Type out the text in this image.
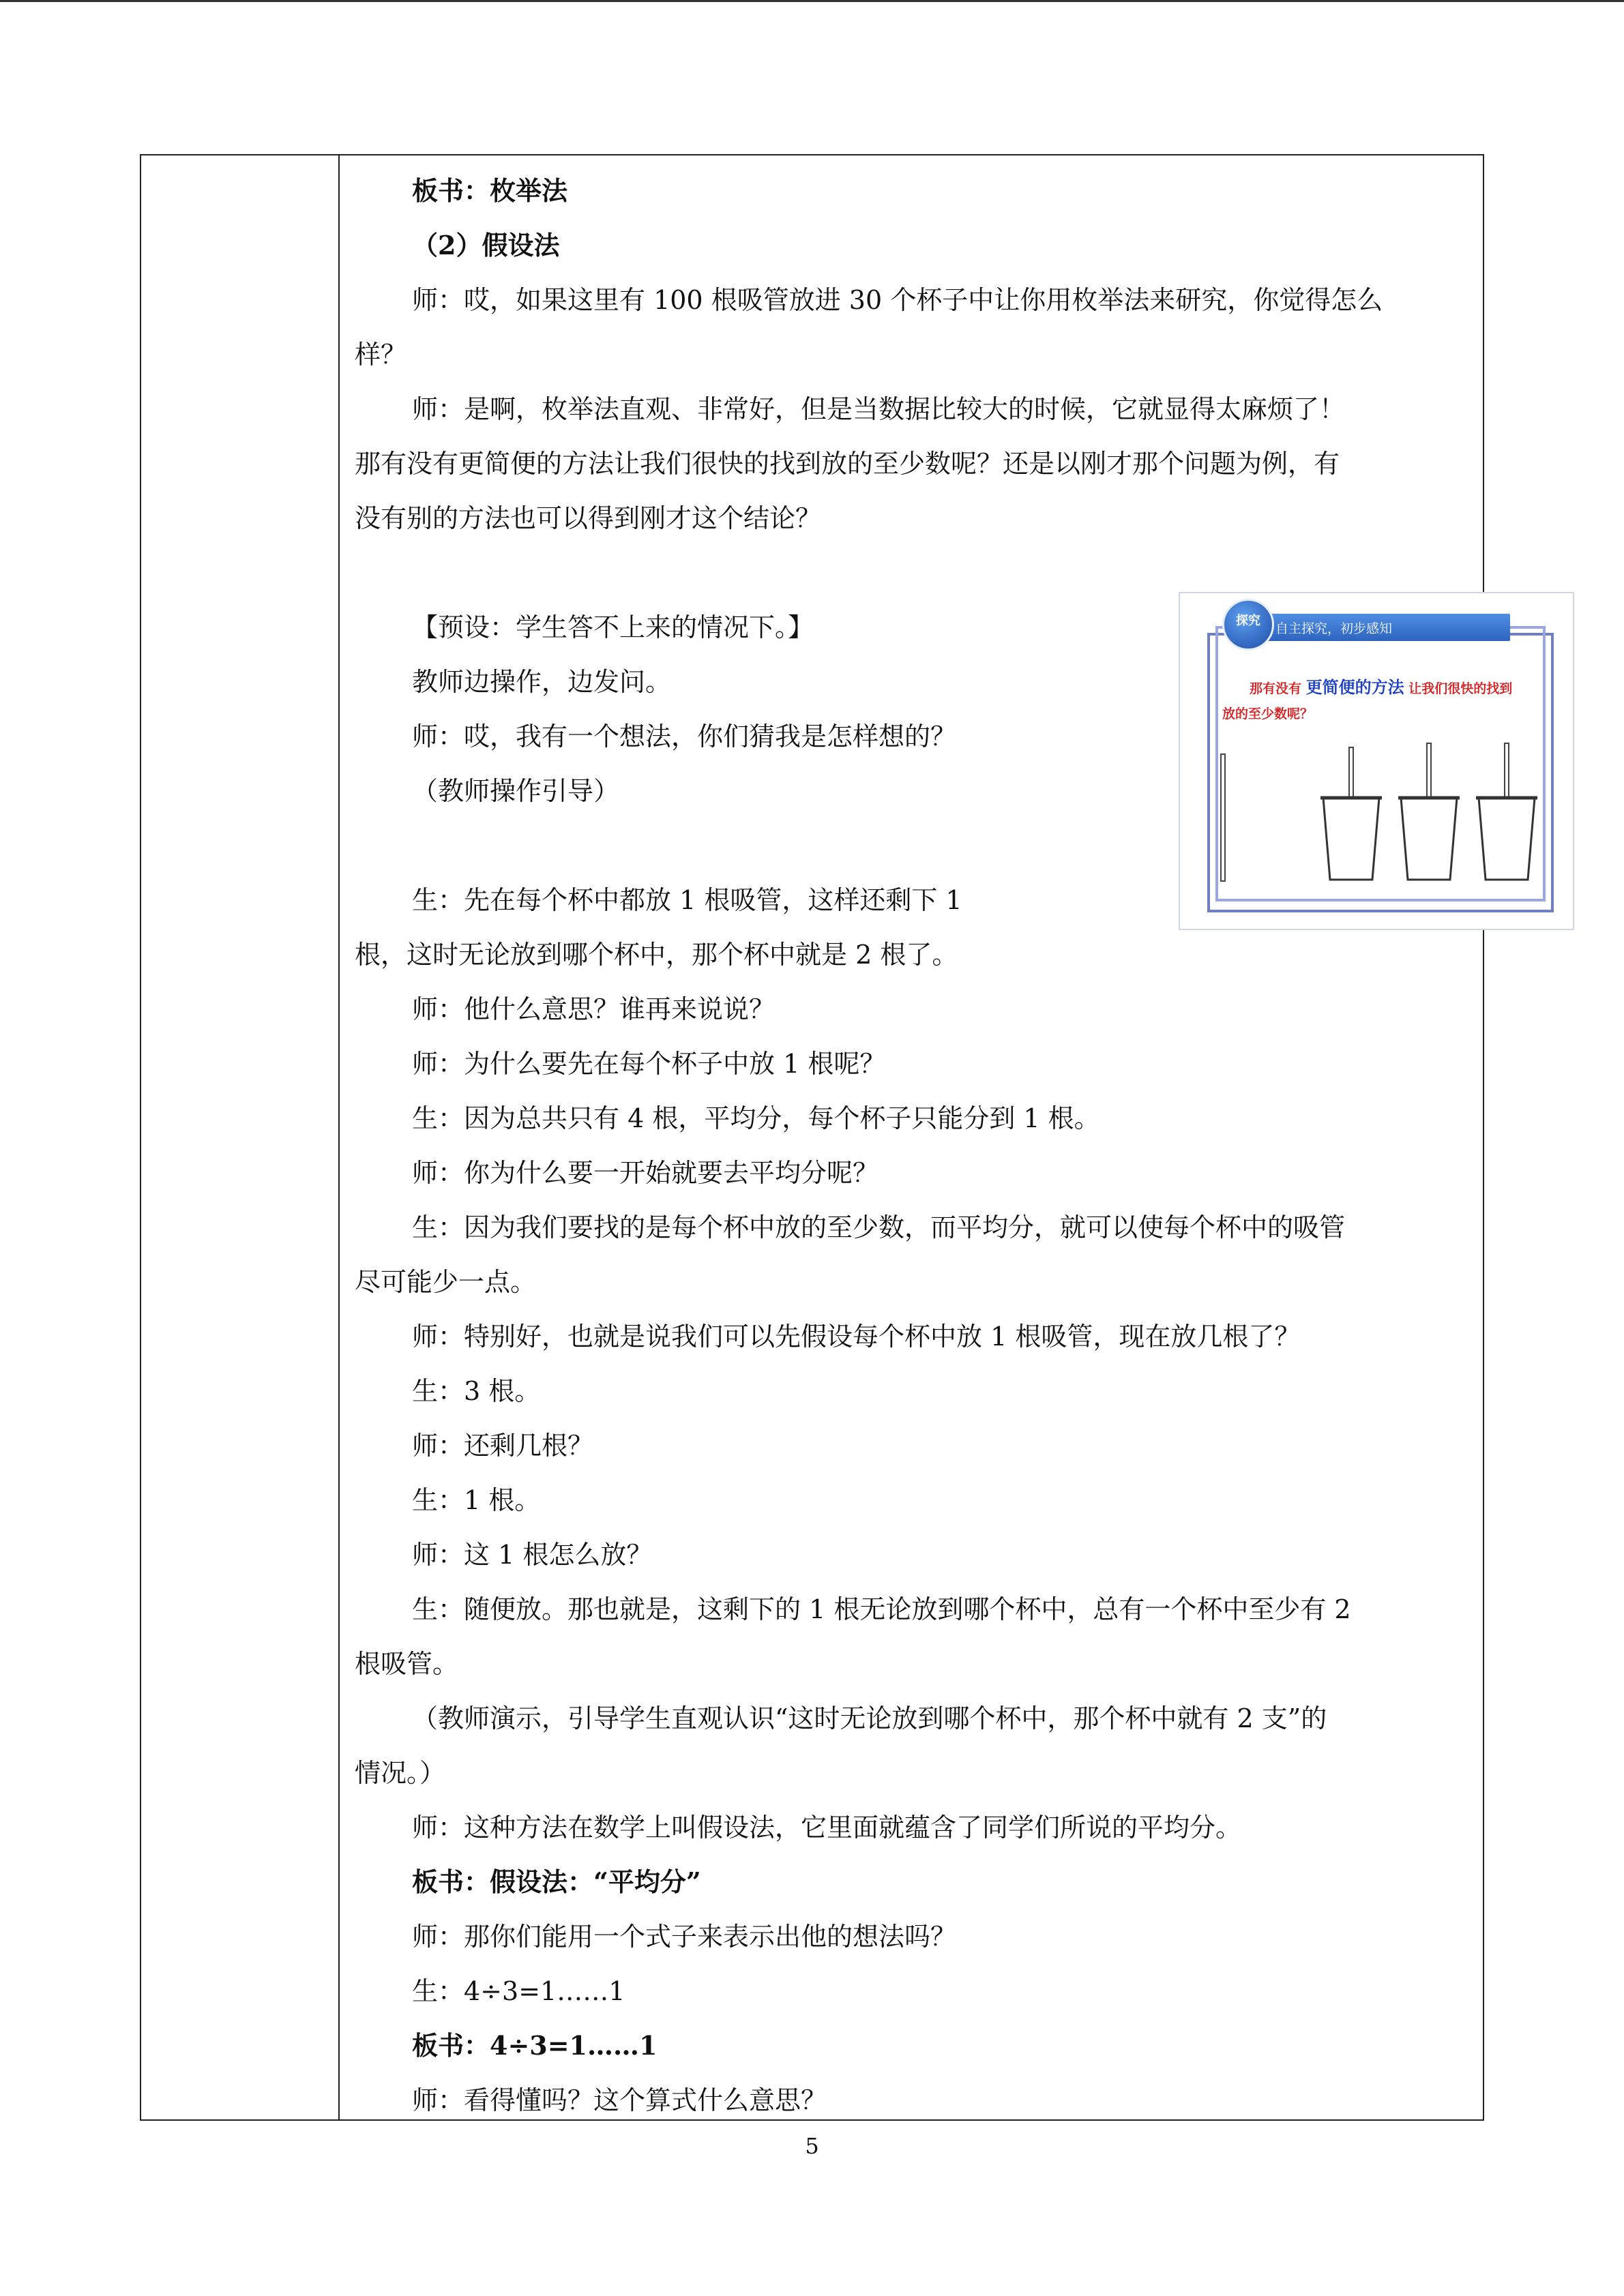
板书：枚举法
（2）假设法
师：哎，如果这里有 100 根吸管放进 30 个杯子中让你用枚举法来研究，你觉得怎么
样？
师：是啊，枚举法直观、非常好，但是当数据比较大的时候，它就显得太麻烦了！
那有没有更简便的方法让我们很快的找到放的至少数呢？还是以刚才那个问题为例，有
没有别的方法也可以得到刚才这个结论？
【预设：学生答不上来的情况下。】
教师边操作，边发问。
师：哎，我有一个想法，你们猜我是怎样想的？
（教师操作引导）
生：先在每个杯中都放 1 根吸管，这样还剩下 1
根，这时无论放到哪个杯中，那个杯中就是 2 根了。
师：他什么意思？谁再来说说？
师：为什么要先在每个杯子中放 1 根呢？
生：因为总共只有 4 根，平均分，每个杯子只能分到 1 根。
师：你为什么要一开始就要去平均分呢？
生：因为我们要找的是每个杯中放的至少数，而平均分，就可以使每个杯中的吸管
尽可能少一点。
师：特别好，也就是说我们可以先假设每个杯中放 1 根吸管，现在放几根了？
生：3 根。
师：还剩几根？
生：1 根。
师：这 1 根怎么放？
生：随便放。那也就是，这剩下的 1 根无论放到哪个杯中，总有一个杯中至少有 2
根吸管。
（教师演示，引导学生直观认识“这时无论放到哪个杯中，那个杯中就有 2 支”的
情况。）
师：这种方法在数学上叫假设法，它里面就蕴含了同学们所说的平均分。
板书：假设法：“平均分”
师：那你们能用一个式子来表示出他的想法吗？
生：4÷3=1……1
板书：4÷3=1……1
师：看得懂吗？这个算式什么意思？
探究
自主探究，初步感知
那有没有 更简便的方法 让我们很快的找到
放的至少数呢？
5
